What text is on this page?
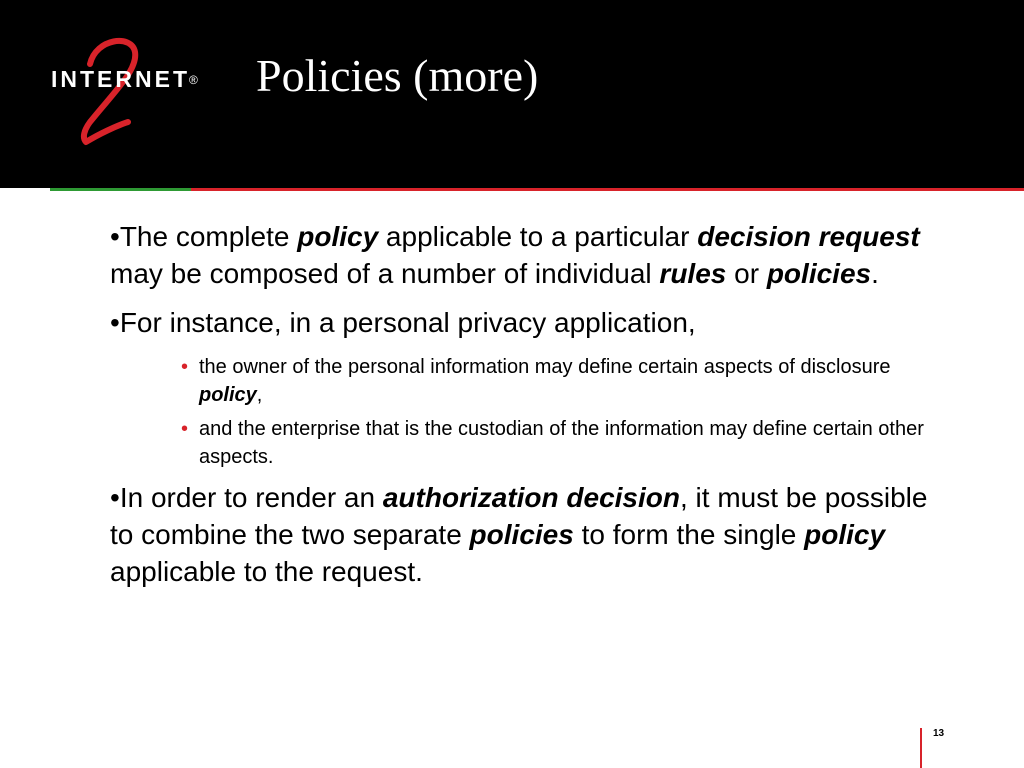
INTERNET ® Policies (more)

•The complete policy applicable to a particular decision request may be composed of a number of individual rules or policies.

•For instance, in a personal privacy application,

• the owner of the personal information may define certain aspects of disclosure policy,
• and the enterprise that is the custodian of the information may define certain other aspects.

•In order to render an authorization decision, it must be possible to combine the two separate policies to form the single policy applicable to the request.

13
